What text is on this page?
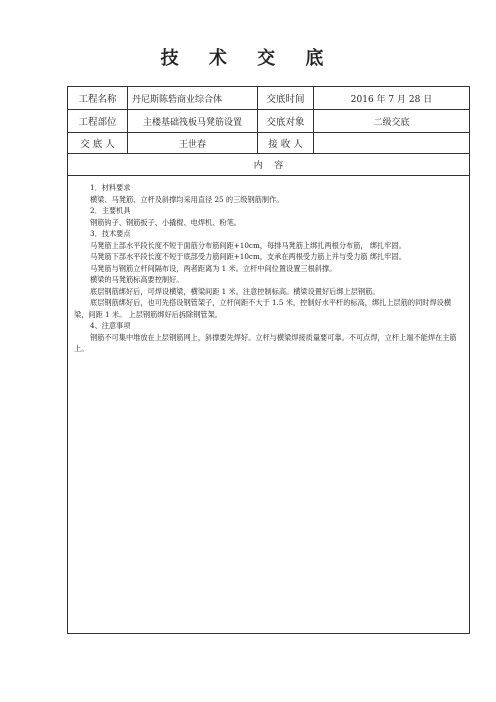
技 术 交 底
工程名称	丹尼斯陈砦商业综合体	交底时间	2016 年 7 月 28 日
工程部位	主楼基础筏板马凳筋设置	交底对象	二级交底
交 底 人	王世春	接 收 人
内    容

1．材料要求

横梁、马凳筋、立杆及斜撑均采用直径 25 的三级钢筋制作。

2．主要机具

钢筋钩子、钢筋扳子、小撬棍、电焊机、粉笔。

3．技术要点

马凳筋上部水平段长度不短于面筋分布筋间距+10cm，每排马凳筋上绑扎两根分布筋， 绑扎牢固。

马凳筋下部水平段长度不短于底部受力筋间距+10cm，支承在两根受力筋上并与受力筋 绑扎牢固。

马凳筋与钢筋立杆间隔布设，两者距离为 1 米。立杆中间位置设置三根斜撑。

横梁的马凳筋标高要控制好。

底层钢筋绑好后，可焊设横梁，横梁间距 1 米。注意控制标高。横梁设置好后绑上层钢筋。

底层钢筋绑好后，也可先搭设钢管架子，立杆间距不大于 1.5 米，控制好水平杆的标高，绑扎上层筋的同时焊设横梁，间距 1 米。 上层钢筋绑好后拆除钢管架。

4、注意事项

钢筋不可集中堆放在上层钢筋网上，斜撑要先焊好。立杆与横梁焊接质量要可靠。不可点焊，立杆上端不能焊在主筋上。
